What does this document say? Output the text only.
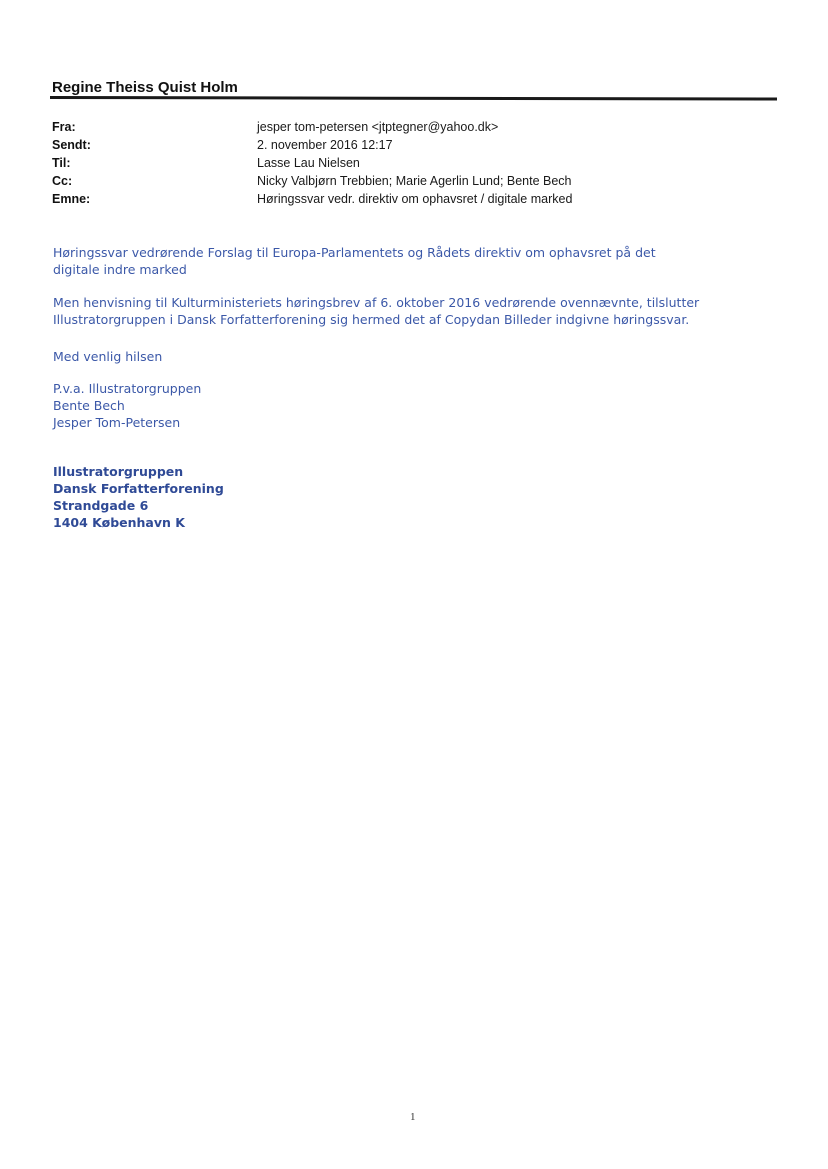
Regine Theiss Quist Holm
Fra:	jesper tom-petersen <jtptegner@yahoo.dk>
Sendt:	2. november 2016 12:17
Til:	Lasse Lau Nielsen
Cc:	Nicky Valbjørn Trebbien; Marie Agerlin Lund; Bente Bech
Emne:	Høringssvar vedr. direktiv om ophavsret / digitale marked
Høringssvar vedrørende Forslag til Europa-Parlamentets og Rådets direktiv om ophavsret på det
digitale indre marked
Men henvisning til Kulturministeriets høringsbrev af 6. oktober 2016 vedrørende ovennævnte, tilslutter
Illustratorgruppen i Dansk Forfatterforening sig hermed det af Copydan Billeder indgivne høringssvar.
Med venlig hilsen
P.v.a. Illustratorgruppen
Bente Bech
Jesper Tom-Petersen
Illustratorgruppen
Dansk Forfatterforening
Strandgade 6
1404 København K
1
